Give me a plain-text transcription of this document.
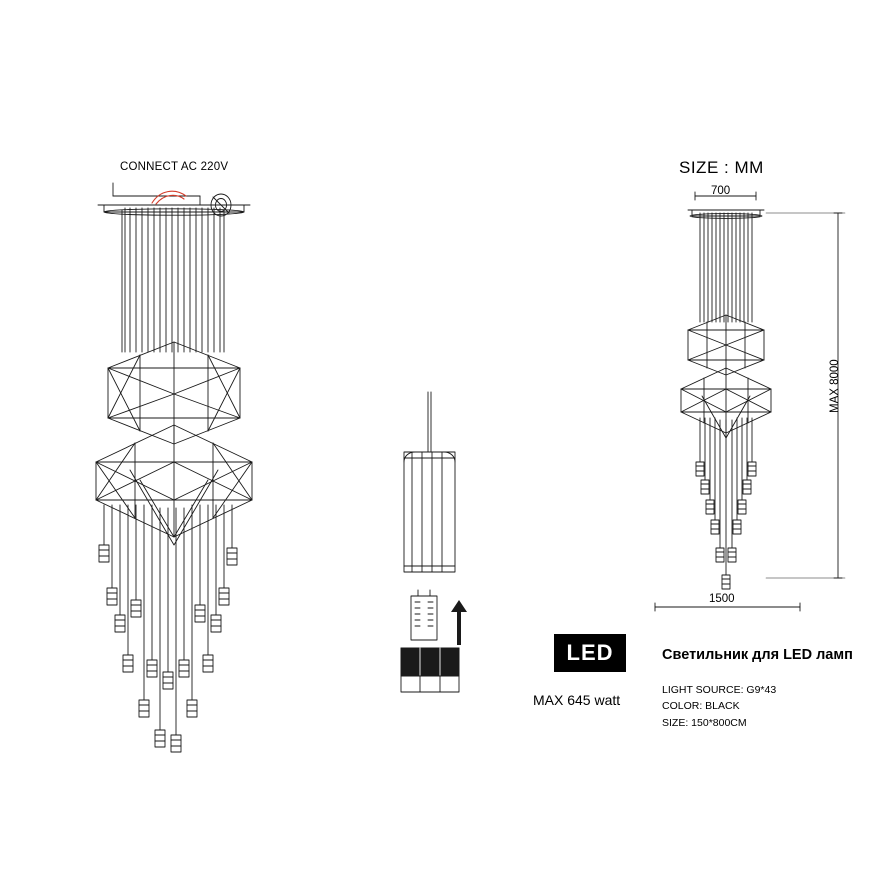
CONNECT AC 220V	SIZE : MM
700
1500
MAX 8000
LED
MAX 645 watt
Светильник для LED ламп
LIGHT SOURCE: G9*43
COLOR: BLACK
SIZE: 150*800CM
